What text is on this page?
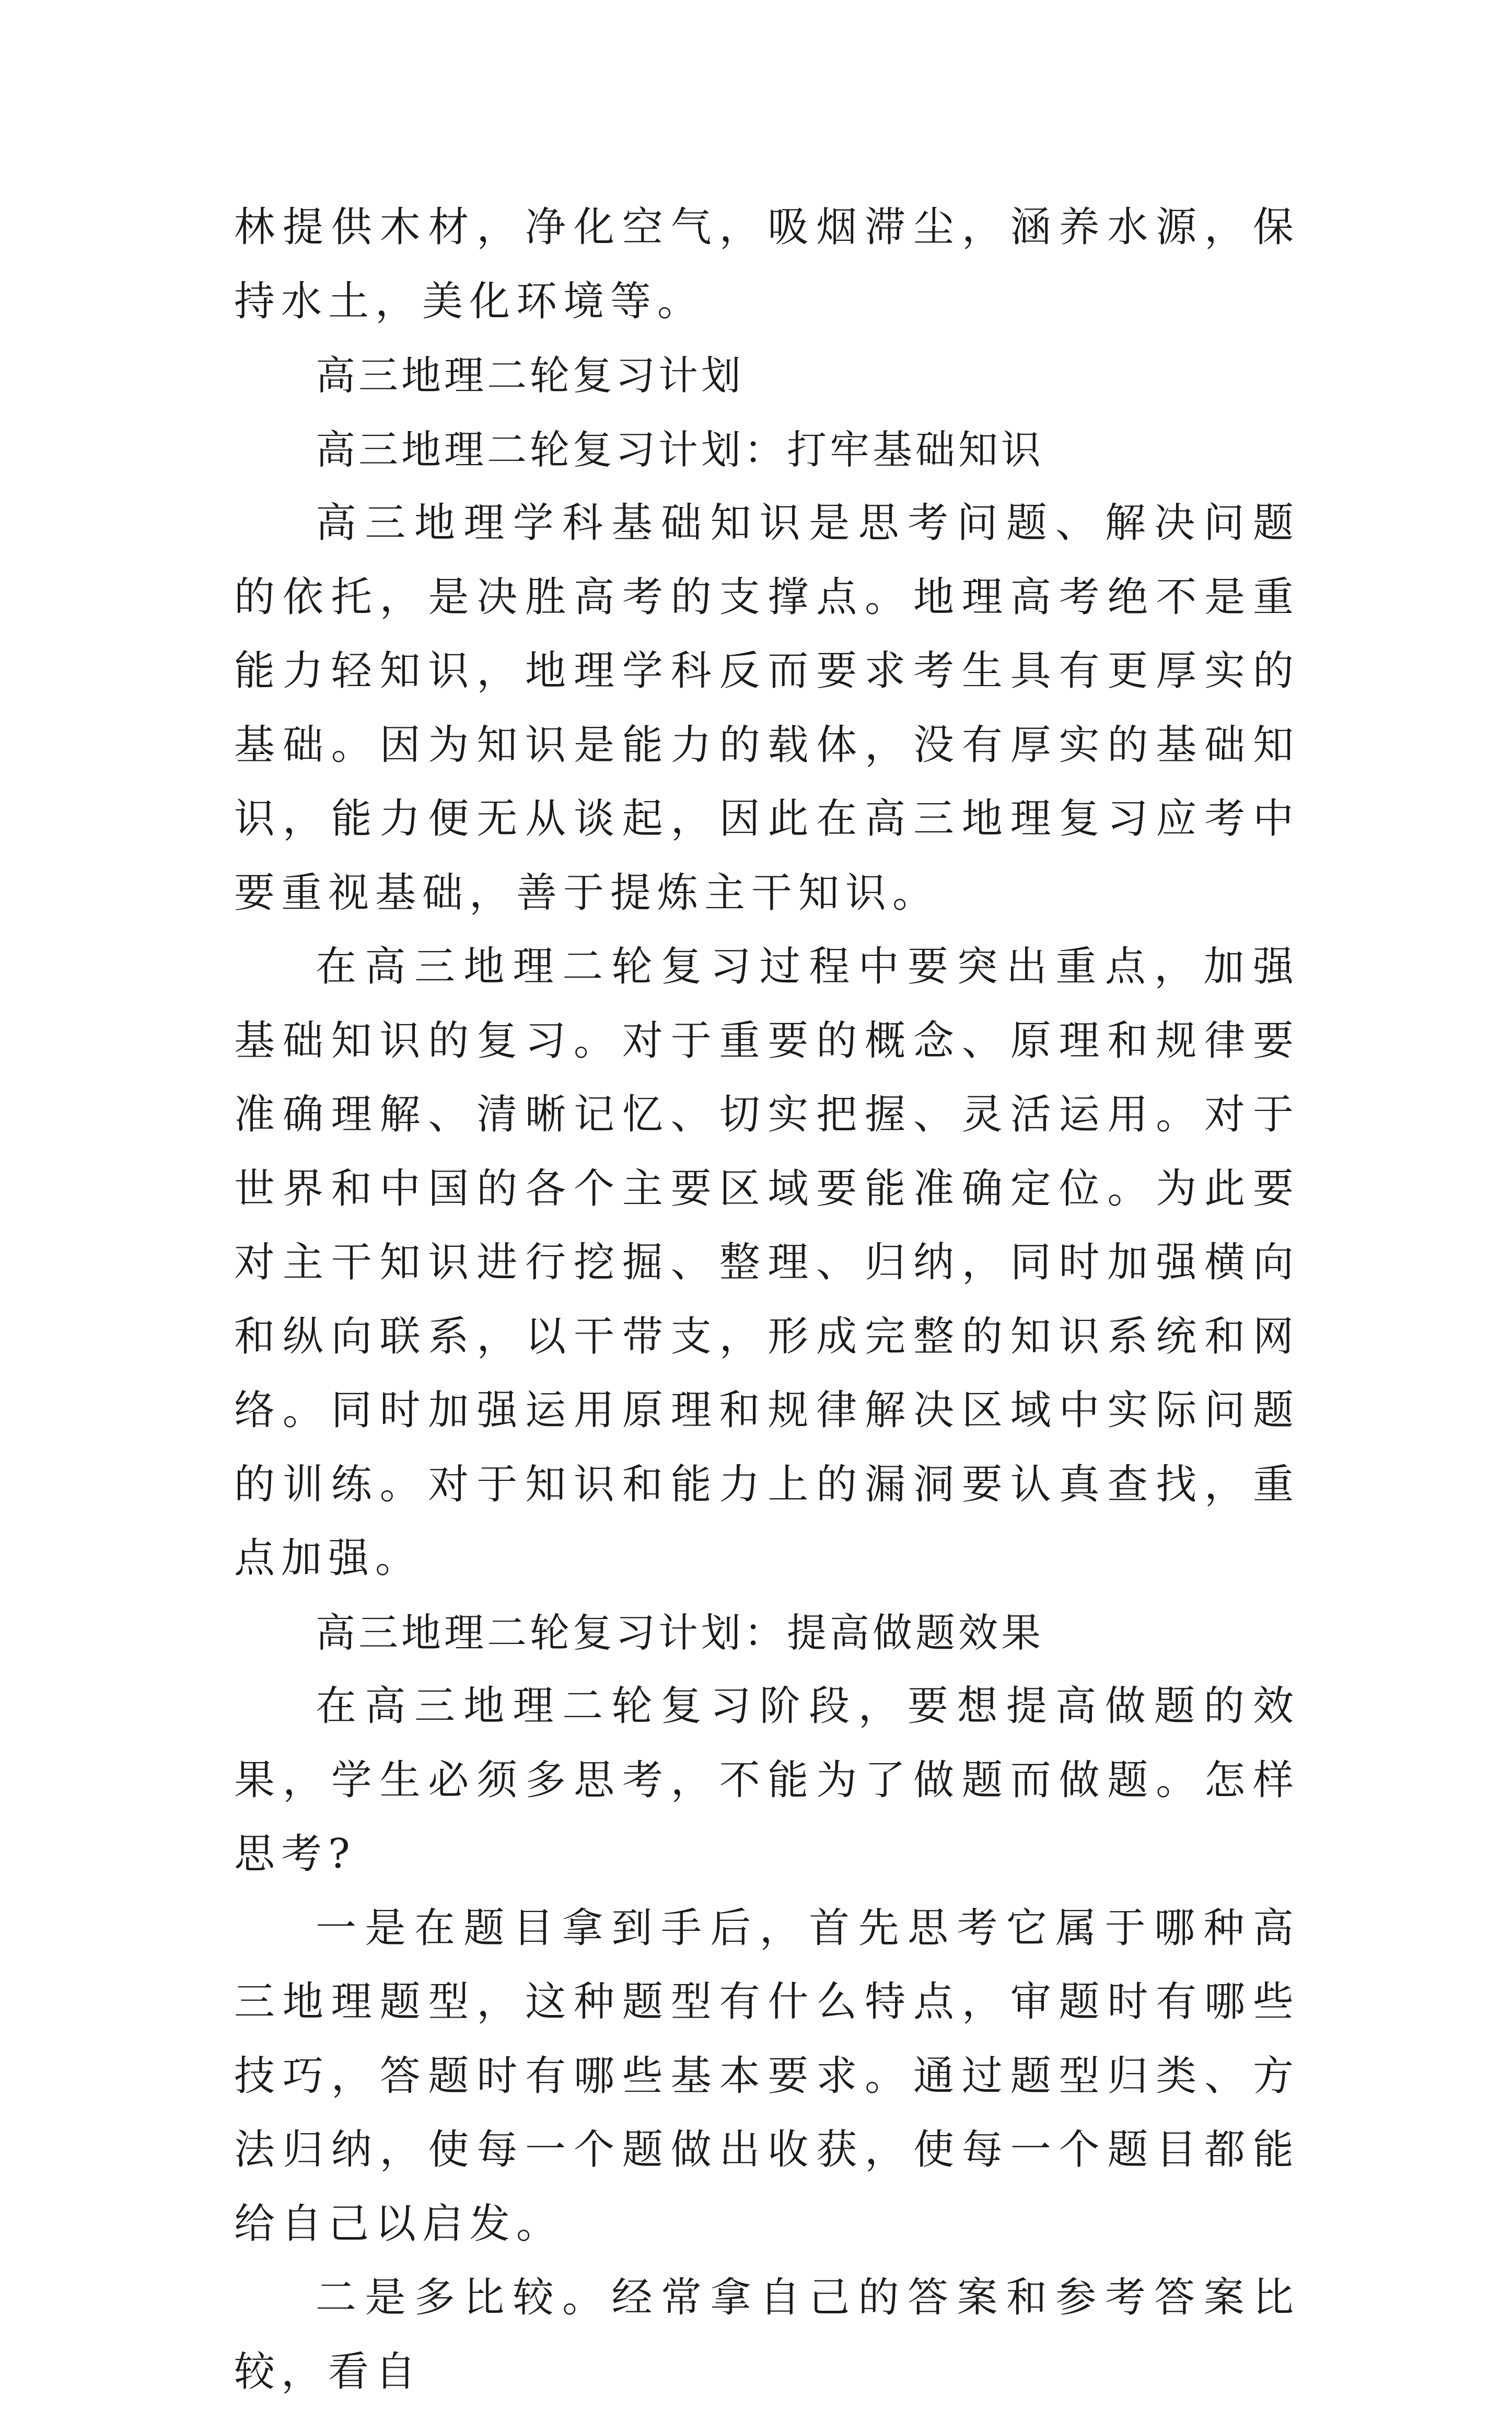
林提供木材，净化空气，吸烟滞尘，涵养水源，保持水土，美化环境等。

高三地理二轮复习计划
高三地理二轮复习计划：打牢基础知识

高三地理学科基础知识是思考问题、解决问题的依托，是决胜高考的支撑点。地理高考绝不是重能力轻知识，地理学科反而要求考生具有更厚实的基础。因为知识是能力的载体，没有厚实的基础知识，能力便无从谈起，因此在高三地理复习应考中要重视基础，善于提炼主干知识。

在高三地理二轮复习过程中要突出重点，加强基础知识的复习。对于重要的概念、原理和规律要准确理解、清晰记忆、切实把握、灵活运用。对于世界和中国的各个主要区域要能准确定位。为此要对主干知识进行挖掘、整理、归纳，同时加强横向和纵向联系，以干带支，形成完整的知识系统和网络。同时加强运用原理和规律解决区域中实际问题的训练。对于知识和能力上的漏洞要认真查找，重点加强。

高三地理二轮复习计划：提高做题效果

在高三地理二轮复习阶段，要想提高做题的效果，学生必须多思考，不能为了做题而做题。怎样思考?

一是在题目拿到手后，首先思考它属于哪种高三地理题型，这种题型有什么特点，审题时有哪些技巧，答题时有哪些基本要求。通过题型归类、方法归纳，使每一个题做出收获，使每一个题目都能给自己以启发。

二是多比较。经常拿自己的答案和参考答案比较，看自
